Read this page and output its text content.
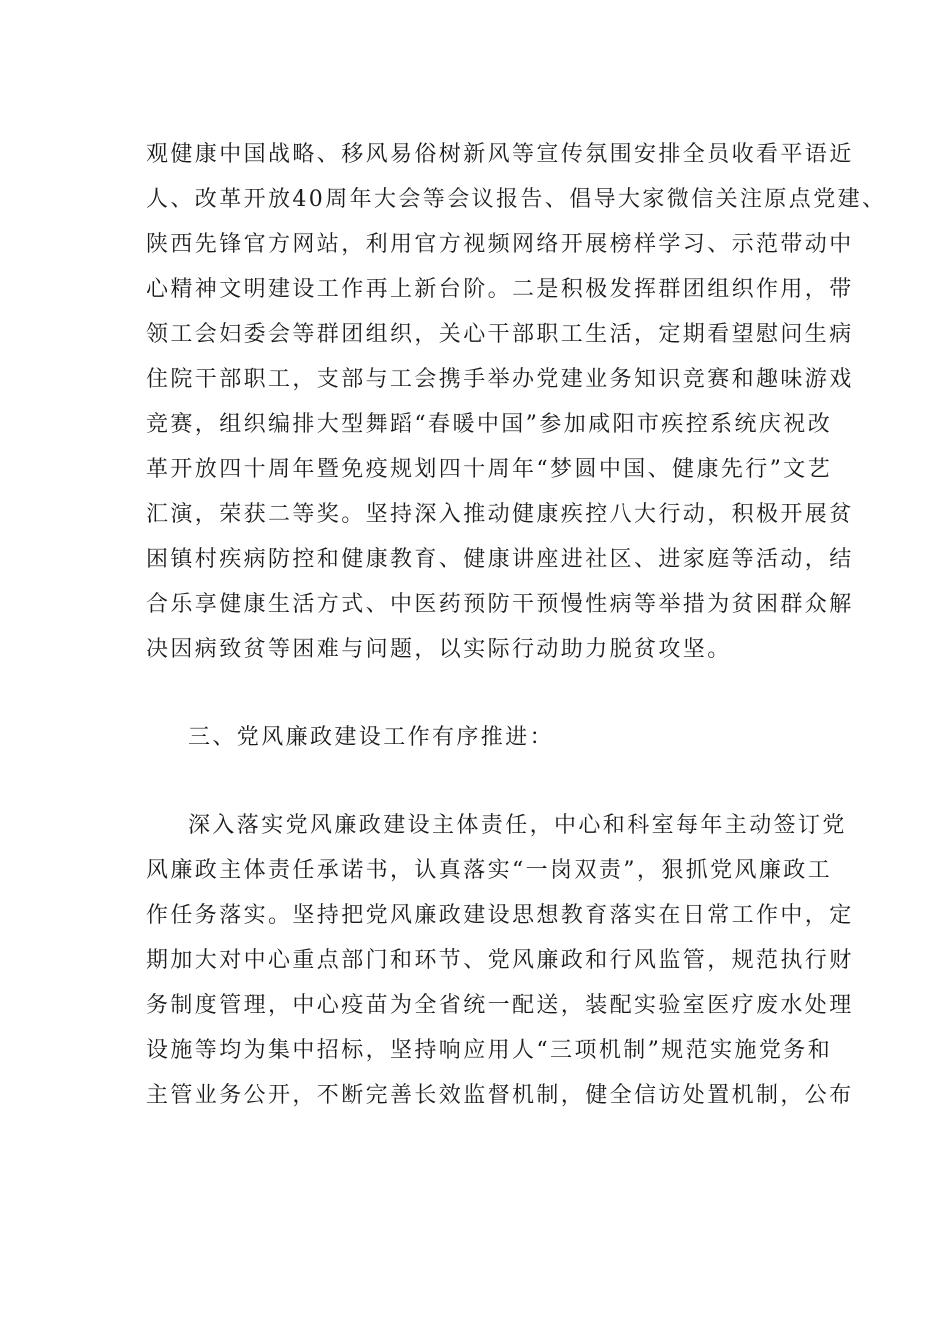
观健康中国战略、移风易俗树新风等宣传氛围安排全员收看平语近
人、改革开放40周年大会等会议报告、倡导大家微信关注原点党建、
陕西先锋官方网站，利用官方视频网络开展榜样学习、示范带动中
心精神文明建设工作再上新台阶。二是积极发挥群团组织作用，带
领工会妇委会等群团组织，关心干部职工生活，定期看望慰问生病
住院干部职工，支部与工会携手举办党建业务知识竞赛和趣味游戏
竞赛，组织编排大型舞蹈“春暖中国”参加咸阳市疾控系统庆祝改
革开放四十周年暨免疫规划四十周年“梦圆中国、健康先行”文艺
汇演，荣获二等奖。坚持深入推动健康疾控八大行动，积极开展贫
困镇村疾病防控和健康教育、健康讲座进社区、进家庭等活动，结
合乐享健康生活方式、中医药预防干预慢性病等举措为贫困群众解
决因病致贫等困难与问题，以实际行动助力脱贫攻坚。
三、党风廉政建设工作有序推进：
深入落实党风廉政建设主体责任，中心和科室每年主动签订党
风廉政主体责任承诺书，认真落实“一岗双责”，狠抓党风廉政工
作任务落实。坚持把党风廉政建设思想教育落实在日常工作中，定
期加大对中心重点部门和环节、党风廉政和行风监管，规范执行财
务制度管理，中心疫苗为全省统一配送，装配实验室医疗废水处理
设施等均为集中招标，坚持响应用人“三项机制”规范实施党务和
主管业务公开，不断完善长效监督机制，健全信访处置机制，公布
